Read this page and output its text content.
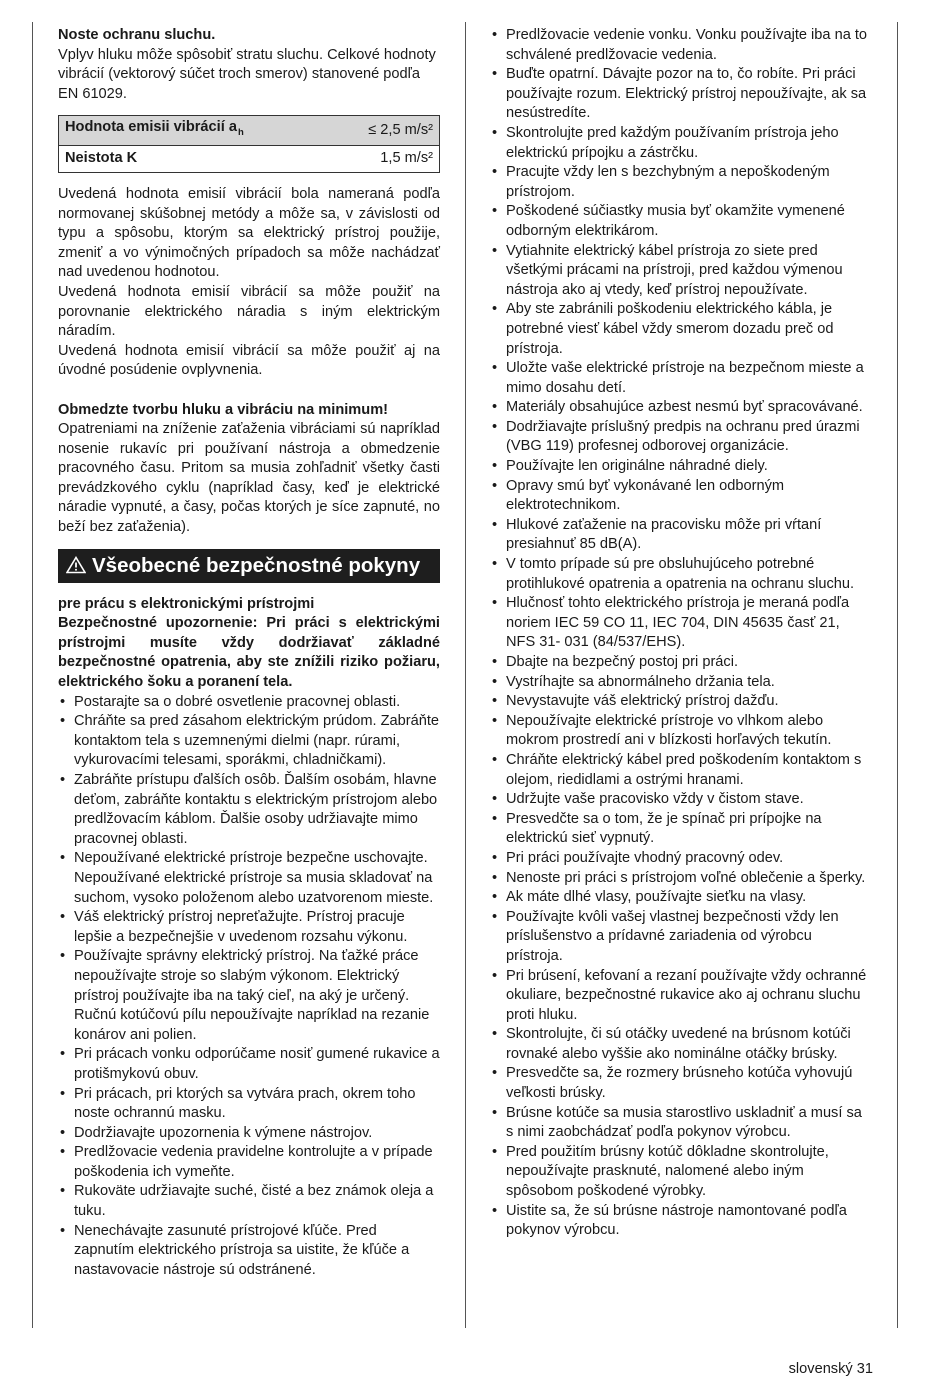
Noste ochranu sluchu.

Vplyv hluku môže spôsobiť stratu sluchu. Celkové hodnoty vibrácií (vektorový súčet troch smerov) stanovené podľa EN 61029.

Hodnota emisii vibrácií $a_h$	≤ 2,5 m/s²
Neistota K	1,5 m/s²

Uvedená hodnota emisií vibrácií bola nameraná podľa normovanej skúšobnej metódy a môže sa, v závislosti od typu a spôsobu, ktorým sa elektrický prístroj použije, zmeniť a vo výnimočných prípadoch sa môže nachádzať nad uvedenou hodnotou.

Uvedená hodnota emisií vibrácií sa môže použiť na porovnanie elektrického náradia s iným elektrickým náradím.

Uvedená hodnota emisií vibrácií sa môže použiť aj na úvodné posúdenie ovplyvnenia.

Obmedzte tvorbu hluku a vibráciu na minimum!

Opatreniami na zníženie zaťaženia vibráciami sú napríklad nosenie rukavíc pri používaní nástroja a obmedzenie pracovného času. Pritom sa musia zohľadniť všetky časti prevádzkového cyklu (napríklad časy, keď je elektrické náradie vypnuté, a časy, počas ktorých je síce zapnuté, no beží bez zaťaženia).

Všeobecné bezpečnostné pokyny

pre prácu s elektronickými prístrojmi

Bezpečnostné upozornenie: Pri práci s elektrickými prístrojmi musíte vždy dodržiavať základné bezpečnostné opatrenia, aby ste znížili riziko požiaru, elektrického šoku a poranení tela.

• Postarajte sa o dobré osvetlenie pracovnej oblasti.
• Chráňte sa pred zásahom elektrickým prúdom. Zabráňte kontaktom tela s uzemnenými dielmi (napr. rúrami, vykurovacími telesami, sporákmi, chladničkami).
• Zabráňte prístupu ďalších osôb. Ďalším osobám, hlavne deťom, zabráňte kontaktu s elektrickým prístrojom alebo predlžovacím káblom. Ďalšie osoby udržiavajte mimo pracovnej oblasti.
• Nepoužívané elektrické prístroje bezpečne uschovajte. Nepoužívané elektrické prístroje sa musia skladovať na suchom, vysoko položenom alebo uzatvorenom mieste.
• Váš elektrický prístroj nepreťažujte. Prístroj pracuje lepšie a bezpečnejšie v uvedenom rozsahu výkonu.
• Používajte správny elektrický prístroj. Na ťažké práce nepoužívajte stroje so slabým výkonom. Elektrický prístroj používajte iba na taký cieľ, na aký je určený. Ručnú kotúčovú pílu nepoužívajte napríklad na rezanie konárov ani polien.
• Pri prácach vonku odporúčame nosiť gumené rukavice a protišmykovú obuv.
• Pri prácach, pri ktorých sa vytvára prach, okrem toho noste ochrannú masku.
• Dodržiavajte upozornenia k výmene nástrojov.
• Predlžovacie vedenia pravidelne kontrolujte a v prípade poškodenia ich vymeňte.
• Rukoväte udržiavajte suché, čisté a bez známok oleja a tuku.
• Nenechávajte zasunuté prístrojové kľúče. Pred zapnutím elektrického prístroja sa uistite, že kľúče a nastavovacie nástroje sú odstránené.
• Predlžovacie vedenie vonku. Vonku používajte iba na to schválené predlžovacie vedenia.
• Buďte opatrní. Dávajte pozor na to, čo robíte. Pri práci používajte rozum. Elektrický prístroj nepoužívajte, ak sa nesústredíte.
• Skontrolujte pred každým používaním prístroja jeho elektrickú prípojku a zástrčku.
• Pracujte vždy len s bezchybným a nepoškodeným prístrojom.
• Poškodené súčiastky musia byť okamžite vymenené odborným elektrikárom.
• Vytiahnite elektrický kábel prístroja zo siete pred všetkými prácami na prístroji, pred každou výmenou nástroja ako aj vtedy, keď prístroj nepoužívate.
• Aby ste zabránili poškodeniu elektrického kábla, je potrebné viesť kábel vždy smerom dozadu preč od prístroja.
• Uložte vaše elektrické prístroje na bezpečnom mieste a mimo dosahu detí.
• Materiály obsahujúce azbest nesmú byť spracovávané.
• Dodržiavajte príslušný predpis na ochranu pred úrazmi (VBG 119) profesnej odborovej organizácie.
• Používajte len originálne náhradné diely.
• Opravy smú byť vykonávané len odborným elektrotechnikom.
• Hlukové zaťaženie na pracovisku môže pri vŕtaní presiahnuť 85 dB(A).
• V tomto prípade sú pre obsluhujúceho potrebné protihlukové opatrenia a opatrenia na ochranu sluchu.
• Hlučnosť tohto elektrického prístroja je meraná podľa noriem IEC 59 CO 11, IEC 704, DIN 45635 časť 21, NFS 31- 031 (84/537/EHS).
• Dbajte na bezpečný postoj pri práci.
• Vystríhajte sa abnormálneho držania tela.
• Nevystavujte váš elektrický prístroj dažďu.
• Nepoužívajte elektrické prístroje vo vlhkom alebo mokrom prostredí ani v blízkosti horľavých tekutín.
• Chráňte elektrický kábel pred poškodením kontaktom s olejom, riedidlami a ostrými hranami.
• Udržujte vaše pracovisko vždy v čistom stave.
• Presvedčte sa o tom, že je spínač pri prípojke na elektrickú sieť vypnutý.
• Pri práci používajte vhodný pracovný odev.
• Nenoste pri práci s prístrojom voľné oblečenie a šperky.
• Ak máte dlhé vlasy, používajte sieťku na vlasy.
• Používajte kvôli vašej vlastnej bezpečnosti vždy len príslušenstvo a prídavné zariadenia od výrobcu prístroja.
• Pri brúsení, kefovaní a rezaní používajte vždy ochranné okuliare, bezpečnostné rukavice ako aj ochranu sluchu proti hluku.
• Skontrolujte, či sú otáčky uvedené na brúsnom kotúči rovnaké alebo vyššie ako nominálne otáčky brúsky.
• Presvedčte sa, že rozmery brúsneho kotúča vyhovujú veľkosti brúsky.
• Brúsne kotúče sa musia starostlivo uskladniť a musí sa s nimi zaobchádzať podľa pokynov výrobcu.
• Pred použitím brúsny kotúč dôkladne skontrolujte, nepoužívajte prasknuté, nalomené alebo iným spôsobom poškodené výrobky.
• Uistite sa, že sú brúsne nástroje namontované podľa pokynov výrobcu.
slovenský 31
